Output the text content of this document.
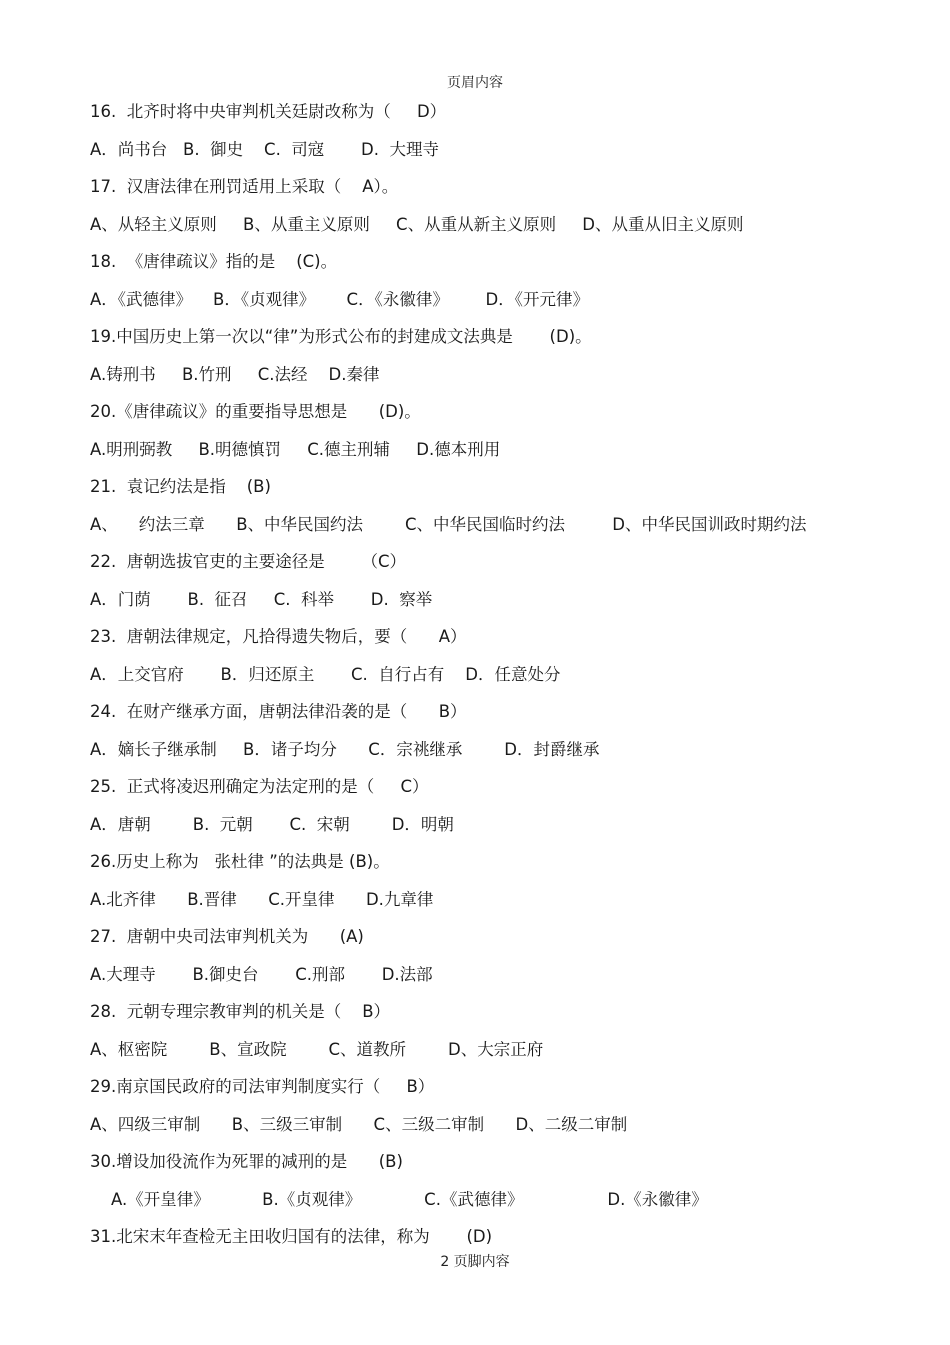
页眉内容
16.  北齐时将中央审判机关廷尉改称为（     D）
A．尚书台   B.  御史    C.  司寇       D.  大理寺
17.  汉唐法律在刑罚适用上采取（    A）。
A、从轻主义原则     B、从重主义原则     C、从重从新主义原则     D、从重从旧主义原则
18.  《唐律疏议》指的是    (C)。
A．《武德律》    B．《贞观律》      C．《永徽律》       D．《开元律》
19.中国历史上第一次以“律”为形式公布的封建成文法典是       (D)。
A.铸刑书     B.竹刑     C.法经    D.秦律
20.《唐律疏议》的重要指导思想是      (D)。
A.明刑弼教     B.明德慎罚     C.德主刑辅     D.德本刑用
21.  袁记约法是指    (B)
A、    约法三章      B、中华民国约法        C、中华民国临时约法         D、中华民国训政时期约法
22.  唐朝选拔官吏的主要途径是       （C）
A．门荫       B.  征召     C.  科举       D.  察举
23.  唐朝法律规定，凡拾得遗失物后，要（      A）
A．上交官府       B．归还原主       C.  自行占有    D．任意处分
24.  在财产继承方面，唐朝法律沿袭的是（      B）
A．嫡长子继承制     B．诸子均分      C．宗祧继承        D．封爵继承
25.  正式将凌迟刑确定为法定刑的是（     C）
A．唐朝        B.  元朝       C.  宋朝        D．明朝
26.历史上称为   张杜律 ”的法典是 (B)。
A.北齐律      B.晋律      C.开皇律      D.九章律
27.  唐朝中央司法审判机关为      (A)
A.大理寺       B.御史台       C.刑部       D.法部
28.  元朝专理宗教审判的机关是（    B）
A、枢密院        B、宣政院        C、道教所        D、大宗正府
29.南京国民政府的司法审判制度实行（     B）
A、四级三审制      B、三级三审制      C、三级二审制      D、二级二审制
30.增设加役流作为死罪的减刑的是      (B)
A.《开皇律》          B.《贞观律》            C.《武德律》                D.《永徽律》
31.北宋末年查检无主田收归国有的法律，称为       (D)
2 页脚内容
